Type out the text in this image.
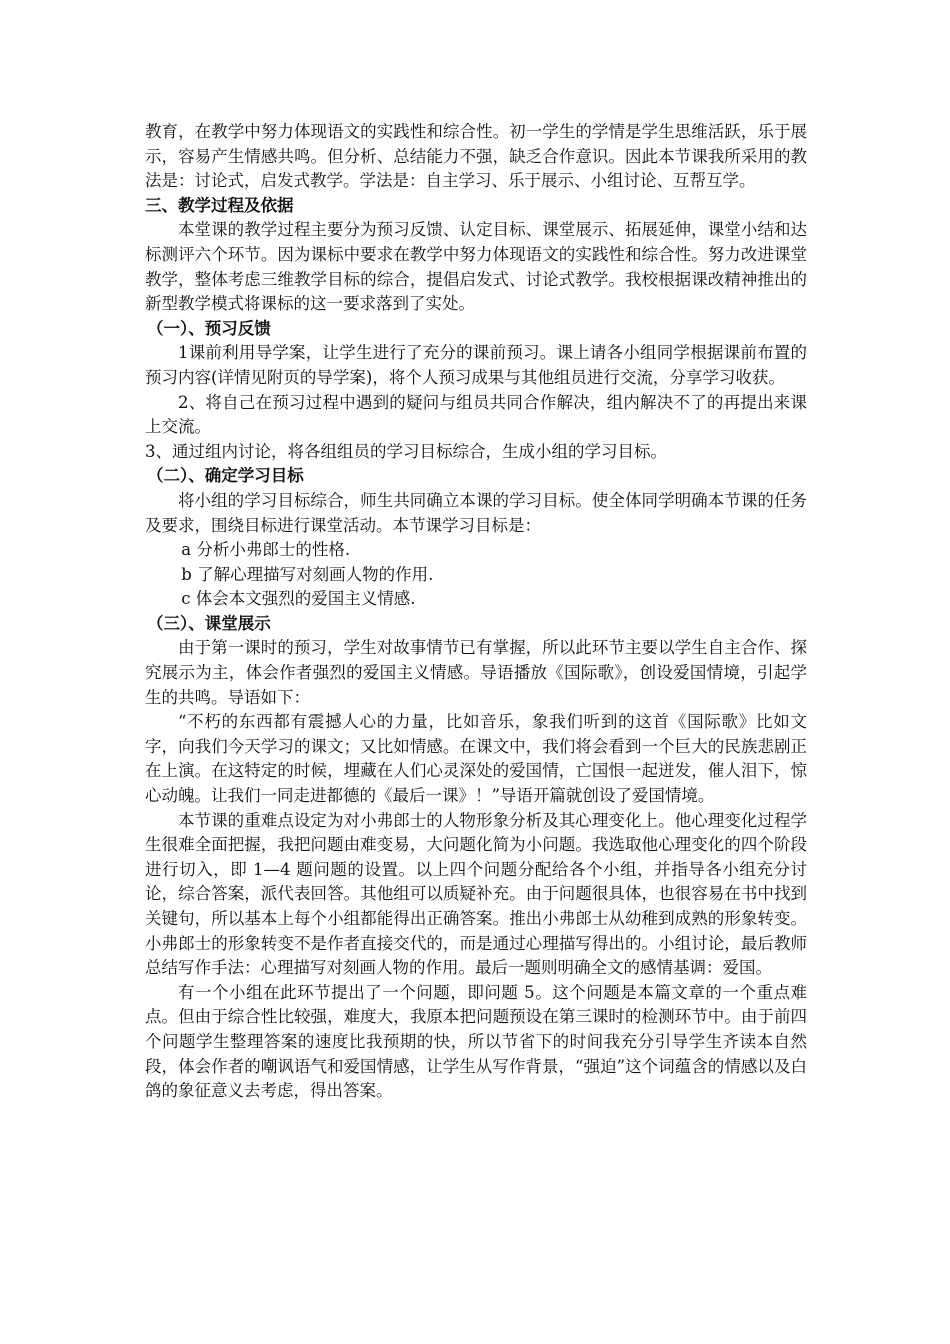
教育，在教学中努力体现语文的实践性和综合性。初一学生的学情是学生思维活跃，乐于展示，容易产生情感共鸣。但分析、总结能力不强，缺乏合作意识。因此本节课我所采用的教法是：讨论式，启发式教学。学法是：自主学习、乐于展示、小组讨论、互帮互学。

三、教学过程及依据

本堂课的教学过程主要分为预习反馈、认定目标、课堂展示、拓展延伸，课堂小结和达标测评六个环节。因为课标中要求在教学中努力体现语文的实践性和综合性。努力改进课堂教学，整体考虑三维教学目标的综合，提倡启发式、讨论式教学。我校根据课改精神推出的新型教学模式将课标的这一要求落到了实处。

（一）、预习反馈

1课前利用导学案，让学生进行了充分的课前预习。课上请各小组同学根据课前布置的预习内容(详情见附页的导学案)，将个人预习成果与其他组员进行交流，分享学习收获。

2、将自己在预习过程中遇到的疑问与组员共同合作解决，组内解决不了的再提出来课上交流。

3、通过组内讨论，将各组组员的学习目标综合，生成小组的学习目标。

（二）、确定学习目标

将小组的学习目标综合，师生共同确立本课的学习目标。使全体同学明确本节课的任务及要求，围绕目标进行课堂活动。本节课学习目标是：

a 分析小弗郎士的性格.

b 了解心理描写对刻画人物的作用.

c 体会本文强烈的爱国主义情感.

（三）、课堂展示

由于第一课时的预习，学生对故事情节已有掌握，所以此环节主要以学生自主合作、探究展示为主，体会作者强烈的爱国主义情感。导语播放《国际歌》，创设爱国情境，引起学生的共鸣。导语如下：

“不朽的东西都有震撼人心的力量，比如音乐，象我们听到的这首《国际歌》比如文字，向我们今天学习的课文；又比如情感。在课文中，我们将会看到一个巨大的民族悲剧正在上演。在这特定的时候，埋藏在人们心灵深处的爱国情，亡国恨一起迸发，催人泪下，惊心动魄。让我们一同走进都德的《最后一课》！”导语开篇就创设了爱国情境。

本节课的重难点设定为对小弗郎士的人物形象分析及其心理变化上。他心理变化过程学生很难全面把握，我把问题由难变易，大问题化简为小问题。我选取他心理变化的四个阶段进行切入，即 1—4 题问题的设置。以上四个问题分配给各个小组，并指导各小组充分讨论，综合答案，派代表回答。其他组可以质疑补充。由于问题很具体，也很容易在书中找到关键句，所以基本上每个小组都能得出正确答案。推出小弗郎士从幼稚到成熟的形象转变。小弗郎士的形象转变不是作者直接交代的，而是通过心理描写得出的。小组讨论，最后教师总结写作手法：心理描写对刻画人物的作用。最后一题则明确全文的感情基调：爱国。

有一个小组在此环节提出了一个问题，即问题 5。这个问题是本篇文章的一个重点难点。但由于综合性比较强，难度大，我原本把问题预设在第三课时的检测环节中。由于前四个问题学生整理答案的速度比我预期的快，所以节省下的时间我充分引导学生齐读本自然段，体会作者的嘲讽语气和爱国情感，让学生从写作背景，“强迫”这个词蕴含的情感以及白鸽的象征意义去考虑，得出答案。
